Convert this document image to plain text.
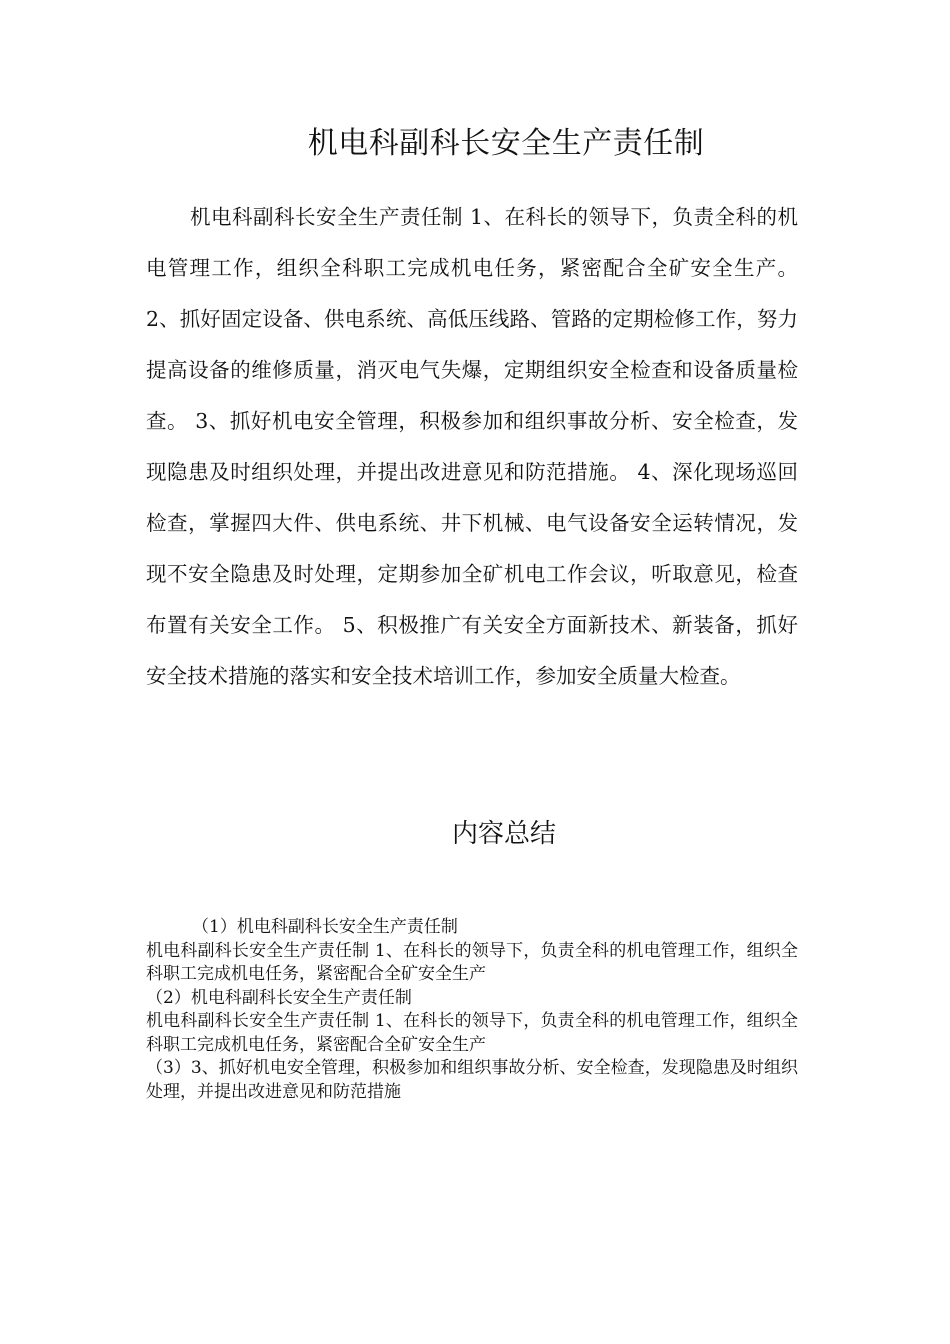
机电科副科长安全生产责任制

机电科副科长安全生产责任制 1、在科长的领导下，负责全科的机电管理工作，组织全科职工完成机电任务，紧密配合全矿安全生产。 2、抓好固定设备、供电系统、高低压线路、管路的定期检修工作，努力提高设备的维修质量，消灭电气失爆，定期组织安全检查和设备质量检查。 3、抓好机电安全管理，积极参加和组织事故分析、安全检查，发现隐患及时组织处理，并提出改进意见和防范措施。 4、深化现场巡回检查，掌握四大件、供电系统、井下机械、电气设备安全运转情况，发现不安全隐患及时处理，定期参加全矿机电工作会议，听取意见，检查布置有关安全工作。 5、积极推广有关安全方面新技术、新装备，抓好安全技术措施的落实和安全技术培训工作，参加安全质量大检查。

内容总结

（1）机电科副科长安全生产责任制

机电科副科长安全生产责任制 1、在科长的领导下，负责全科的机电管理工作，组织全科职工完成机电任务，紧密配合全矿安全生产

（2）机电科副科长安全生产责任制

机电科副科长安全生产责任制 1、在科长的领导下，负责全科的机电管理工作，组织全科职工完成机电任务，紧密配合全矿安全生产

（3）3、抓好机电安全管理，积极参加和组织事故分析、安全检查，发现隐患及时组织处理，并提出改进意见和防范措施
